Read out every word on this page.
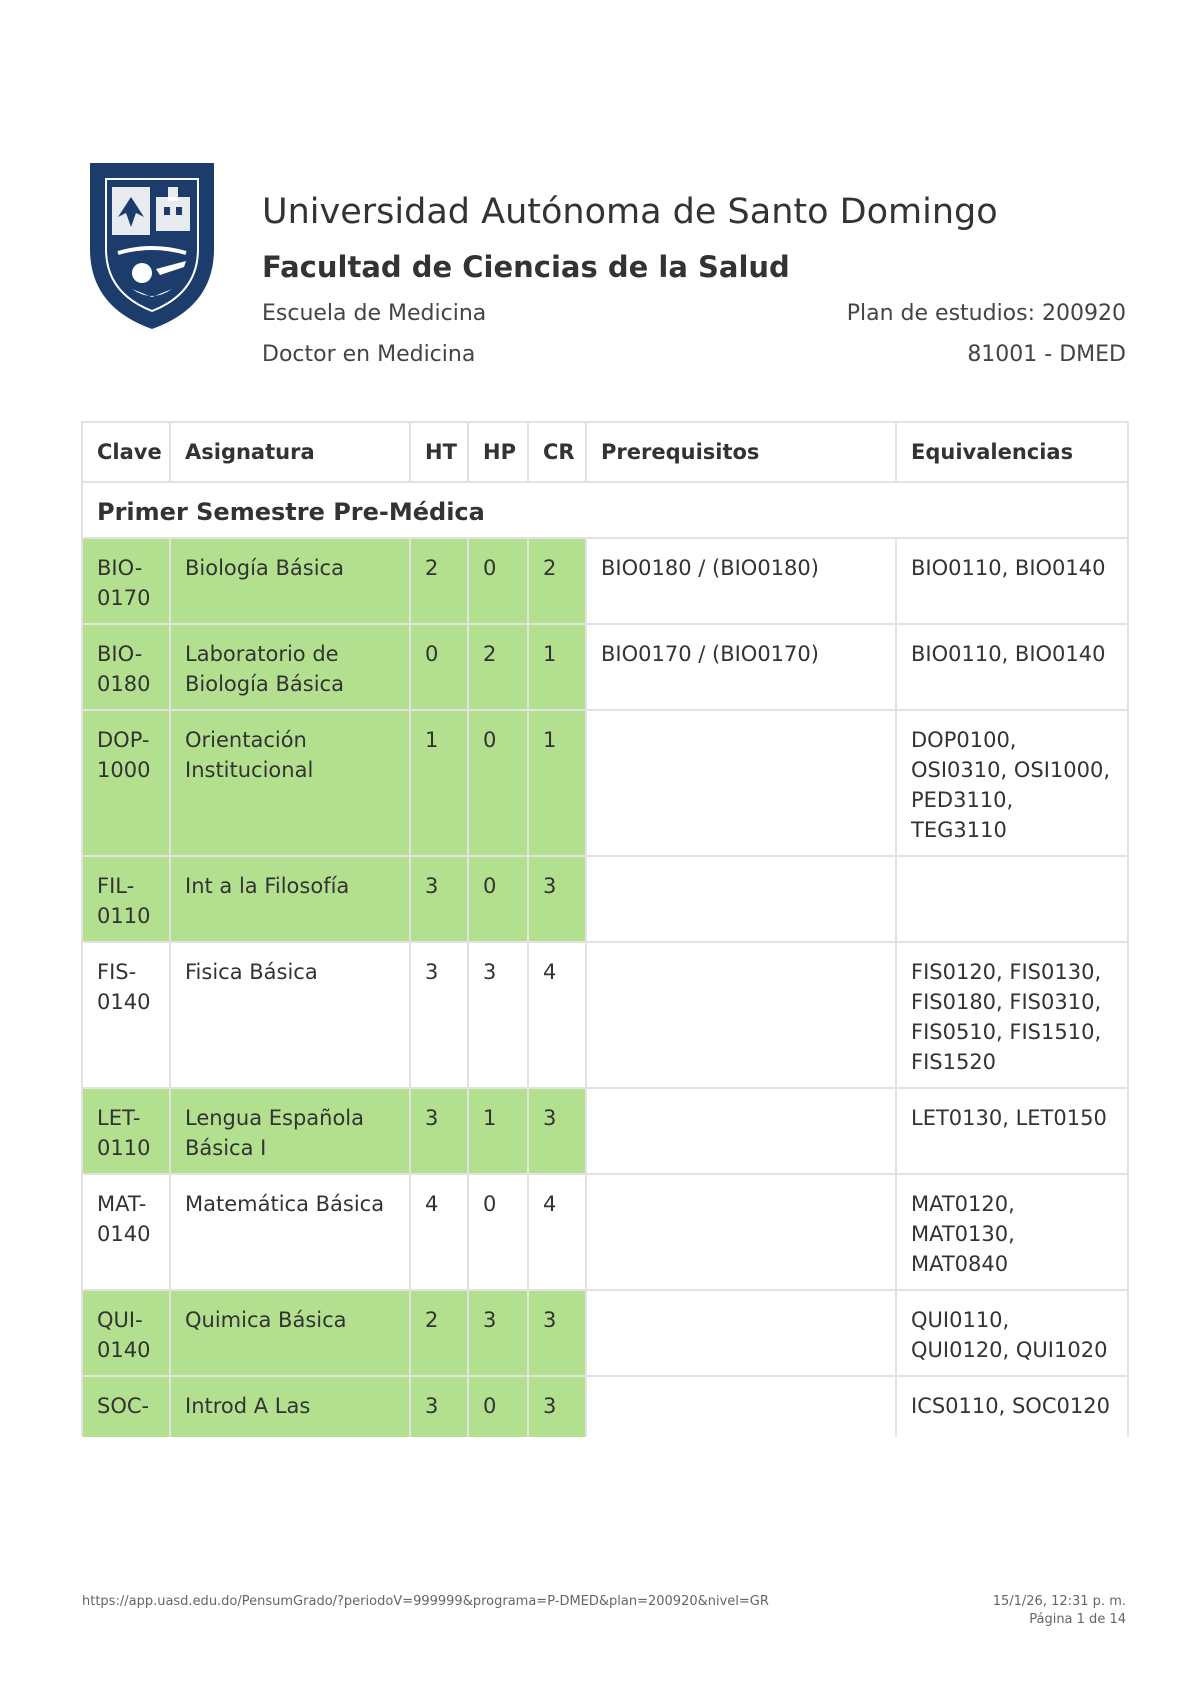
Universidad Autónoma de Santo Domingo
Facultad de Ciencias de la Salud
Escuela de Medicina	Plan de estudios: 200920
Doctor en Medicina	81001 - DMED
Clave	Asignatura	HT	HP	CR	Prerequisitos	Equivalencias
Primer Semestre Pre-Médica						
BIO-0170	Biología Básica	2	0	2	BIO0180 / (BIO0180)	BIO0110, BIO0140
BIO-0180	Laboratorio de Biología Básica	0	2	1	BIO0170 / (BIO0170)	BIO0110, BIO0140
DOP-1000	Orientación Institucional	1	0	1		DOP0100, OSI0310, OSI1000, PED3110, TEG3110
FIL-0110	Int a la Filosofía	3	0	3		
FIS-0140	Fisica Básica	3	3	4		FIS0120, FIS0130, FIS0180, FIS0310, FIS0510, FIS1510, FIS1520
LET-0110	Lengua Española Básica I	3	1	3		LET0130, LET0150
MAT-0140	Matemática Básica	4	0	4		MAT0120, MAT0130, MAT0840
QUI-0140	Quimica Básica	2	3	3		QUI0110, QUI0120, QUI1020
SOC-	Introd A Las	3	0	3		ICS0110, SOC0120
https://app.uasd.edu.do/PensumGrado/?periodoV=999999&programa=P-DMED&plan=200920&nivel=GR	15/1/26, 12:31 p. m.
Página 1 de 14
